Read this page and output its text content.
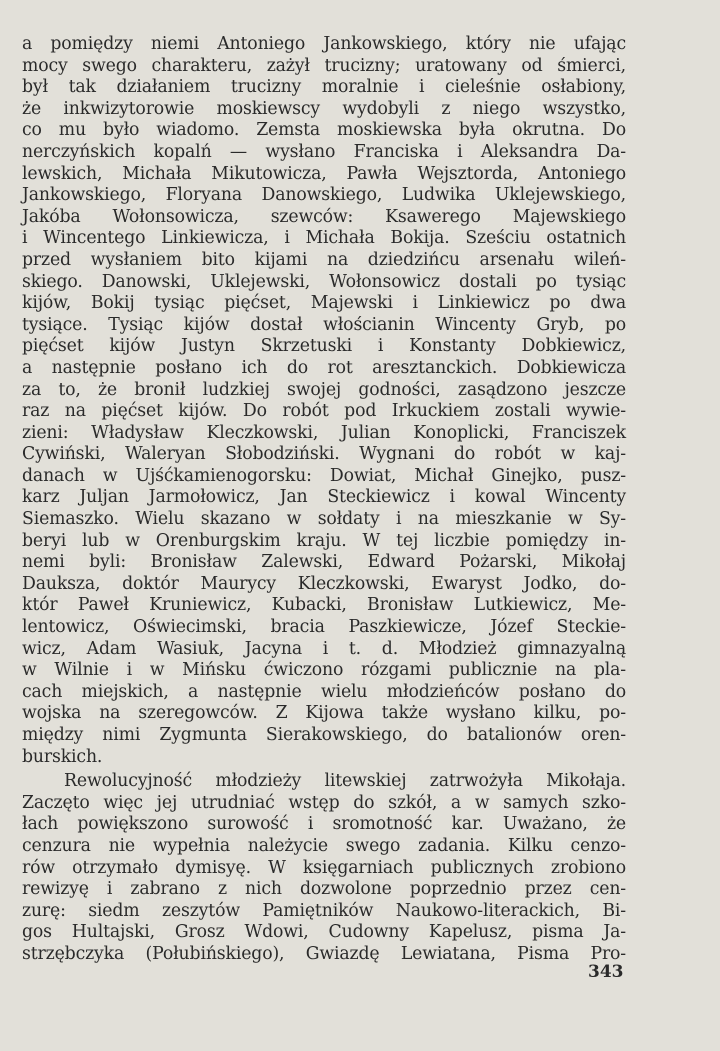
a pomiędzy niemi Antoniego Jankowskiego, który nie ufając
mocy swego charakteru, zażył trucizny; uratowany od śmierci,
był tak działaniem trucizny moralnie i cieleśnie osłabiony,
że inkwizytorowie moskiewscy wydobyli z niego wszystko,
co mu było wiadomo. Zemsta moskiewska była okrutna. Do
nerczyńskich kopalń — wysłano Franciska i Aleksandra Da-
lewskich, Michała Mikutowicza, Pawła Wejsztorda, Antoniego
Jankowskiego, Floryana Danowskiego, Ludwika Uklejewskiego,
Jakóba Wołonsowicza, szewców: Ksawerego Majewskiego
i Wincentego Linkiewicza, i Michała Bokija. Sześciu ostatnich
przed wysłaniem bito kijami na dziedzińcu arsenału wileń-
skiego. Danowski, Uklejewski, Wołonsowicz dostali po tysiąc
kijów, Bokij tysiąc pięćset, Majewski i Linkiewicz po dwa
tysiące. Tysiąc kijów dostał włościanin Wincenty Gryb, po
pięćset kijów Justyn Skrzetuski i Konstanty Dobkiewicz,
a następnie posłano ich do rot aresztanckich. Dobkiewicza
za to, że bronił ludzkiej swojej godności, zasądzono jeszcze
raz na pięćset kijów. Do robót pod Irkuckiem zostali wywie-
zieni: Władysław Kleczkowski, Julian Konoplicki, Franciszek
Cywiński, Waleryan Słobodziński. Wygnani do robót w kaj-
danach w Ujśćkamienogorsku: Dowiat, Michał Ginejko, pusz-
karz Juljan Jarmołowicz, Jan Steckiewicz i kowal Wincenty
Siemaszko. Wielu skazano w sołdaty i na mieszkanie w Sy-
beryi lub w Orenburgskim kraju. W tej liczbie pomiędzy in-
nemi byli: Bronisław Zalewski, Edward Pożarski, Mikołaj
Dauksza, doktór Maurycy Kleczkowski, Ewaryst Jodko, do-
któr Paweł Kruniewicz, Kubacki, Bronisław Lutkiewicz, Me-
lentowicz, Oświecimski, bracia Paszkiewicze, Józef Steckie-
wicz, Adam Wasiuk, Jacyna i t. d. Młodzież gimnazyalną
w Wilnie i w Mińsku ćwiczono rózgami publicznie na pla-
cach miejskich, a następnie wielu młodzieńców posłano do
wojska na szeregowców. Z Kijowa także wysłano kilku, po-
między nimi Zygmunta Sierakowskiego, do batalionów oren-
burskich.
Rewolucyjność młodzieży litewskiej zatrwożyła Mikołaja.
Zaczęto więc jej utrudniać wstęp do szkół, a w samych szko-
łach powiększono surowość i sromotność kar. Uważano, że
cenzura nie wypełnia należycie swego zadania. Kilku cenzo-
rów otrzymało dymisyę. W księgarniach publicznych zrobiono
rewizyę i zabrano z nich dozwolone poprzednio przez cen-
zurę: siedm zeszytów Pamiętników Naukowo-literackich, Bi-
gos Hultajski, Grosz Wdowi, Cudowny Kapelusz, pisma Ja-
strzębczyka (Połubińskiego), Gwiazdę Lewiatana, Pisma Pro-
343
